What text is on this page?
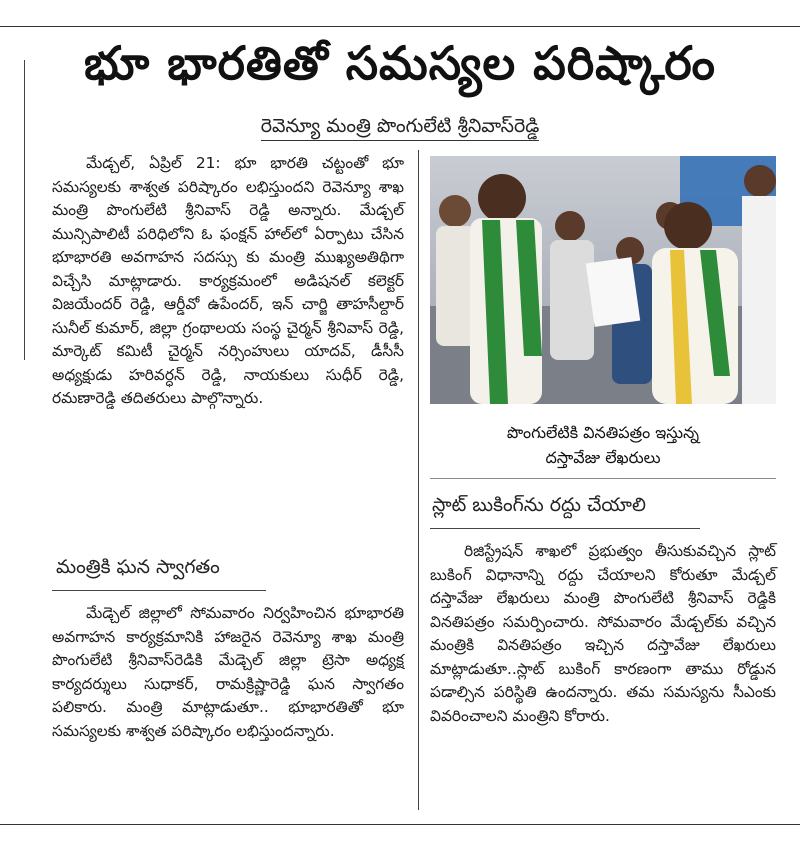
భూ భారతితో సమస్యల పరిష్కారం
రెవెన్యూ మంత్రి పొంగులేటి శ్రీనివాస్‌రెడ్డి
మేడ్చల్‌, ఏప్రిల్‌ 21: భూ భారతి చట్టంతో భూ సమస్యలకు శాశ్వత పరిష్కారం లభిస్తుందని రెవెన్యూ శాఖ మంత్రి పొంగులేటి శ్రీనివాస్‌ రెడ్డి అన్నారు. మేడ్చల్‌ మున్సిపాలిటీ పరిధిలోని ఓ ఫంక్షన్‌ హాల్‌లో ఏర్పాటు చేసిన భూభారతి అవగాహన సదస్సు కు మంత్రి ముఖ్యఅతిథిగా విచ్చేసి మాట్లాడారు. కార్యక్రమంలో అడిషనల్‌ కలెక్టర్‌ విజయేందర్‌ రెడ్డి, ఆర్డీవో ఉపేందర్‌, ఇన్‌ చార్జి తాహసీల్దార్‌ సునీల్‌ కుమార్‌, జిల్లా గ్రంథాలయ సంస్థ చైర్మన్‌ శ్రీనివాస్‌ రెడ్డి, మార్కెట్‌ కమిటీ చైర్మన్‌ నర్సింహులు యాదవ్‌, డీసీసీ అధ్యక్షుడు హరివర్ధన్‌ రెడ్డి, నాయకులు సుధీర్‌ రెడ్డి, రమణారెడ్డి తదితరులు పాల్గొన్నారు.
మంత్రికి ఘన స్వాగతం
మేడ్చెల్‌ జిల్లాలో సోమవారం నిర్వహించిన భూభారతి అవగాహన కార్యక్రమానికి హాజరైన రెవెన్యూ శాఖ మంత్రి పొంగులేటి శ్రీనివాస్‌రెడికి మేడ్చెల్‌ జిల్లా ట్రెసా అధ్యక్ష కార్యదర్శులు సుధాకర్‌, రామక్రిష్ణారెడ్డి ఘన స్వాగతం పలికారు. మంత్రి మాట్లాడుతూ.. భూభారతితో భూ సమస్యలకు శాశ్వత పరిష్కారం లభిస్తుందన్నారు.
పొంగులేటికి వినతిపత్రం ఇస్తున్న
దస్తావేజు లేఖరులు
స్లాట్‌ బుకింగ్‌ను రద్దు చేయాలి
రిజిస్ట్రేషన్‌ శాఖలో ప్రభుత్వం తీసుకువచ్చిన స్లాట్‌ బుకింగ్‌ విధానాన్ని రద్దు చేయాలని కోరుతూ మేడ్చల్‌ దస్తావేజు లేఖరులు మంత్రి పొంగులేటి శ్రీనివాస్‌ రెడ్డికి వినతిపత్రం సమర్పించారు. సోమవారం మేడ్చల్‌కు వచ్చిన మంత్రికి వినతిపత్రం ఇచ్చిన దస్తావేజు లేఖరులు మాట్లాడుతూ..స్లాట్‌ బుకింగ్‌ కారణంగా తాము రోడ్డున పడాల్సిన పరిస్థితి ఉందన్నారు. తమ సమస్యను సీఎంకు వివరించాలని మంత్రిని కోరారు.
